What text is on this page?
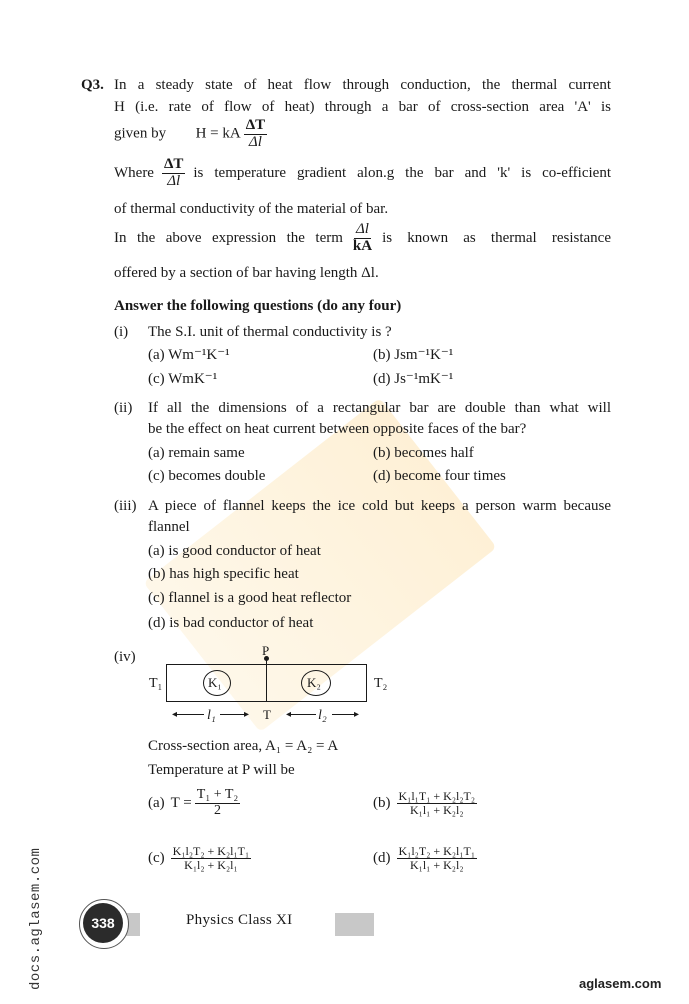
Q3. In a steady state of heat flow through conduction, the thermal current
H (i.e. rate of flow of heat) through a bar of cross-section area 'A' is
given by H = kA $\frac{\Delta T}{\Delta l}$
Where $\frac{\Delta T}{\Delta l}$ is temperature gradient alon.g the bar and 'k' is co-efficient
of thermal conductivity of the material of bar.
In the above expression the term $\frac{\Delta l}{kA}$ is known as thermal resistance
offered by a section of bar having length Δl.
Answer the following questions (do any four)
(i) The S.I. unit of thermal conductivity is ?
(a) Wm⁻¹K⁻¹	(b) Jsm⁻¹K⁻¹
(c) WmK⁻¹	(d) Js⁻¹mK⁻¹
(ii) If all the dimensions of a rectangular bar are double than what will
be the effect on heat current between opposite faces of the bar?
(a) remain same	(b) becomes half
(c) becomes double	(d) become four times
(iii) A piece of flannel keeps the ice cold but keeps a person warm because
flannel
(a) is good conductor of heat
(b) has high specific heat
(c) flannel is a good heat reflector
(d) is bad conductor of heat
(iv)	P
T₁	T₂
K₁	K₂
T
◂ l₁	▸	◂ l₂	▸
Cross-section area, A₁ = A₂ = A
Temperature at P will be
(a) $T = \frac{\text{T₁ + T₂}}{2}$	$(b) \frac{\text{K₁l₁T₁ + K₂l₂T₂}}{\text{K₁l₁ + K₂l₂}}$
$(c) \frac{\text{K₁l₂T₂ + K₂l₁T₁}}{\text{K₁l₂ + K₂l₁}}$	$(d) \frac{\text{K₁l₂T₂ + K₂l₁T₁}}{\text{K₁l₁ + K₂l₂}}$
338	Physics Class XI
docs.aglasem.com	aglasem.com
